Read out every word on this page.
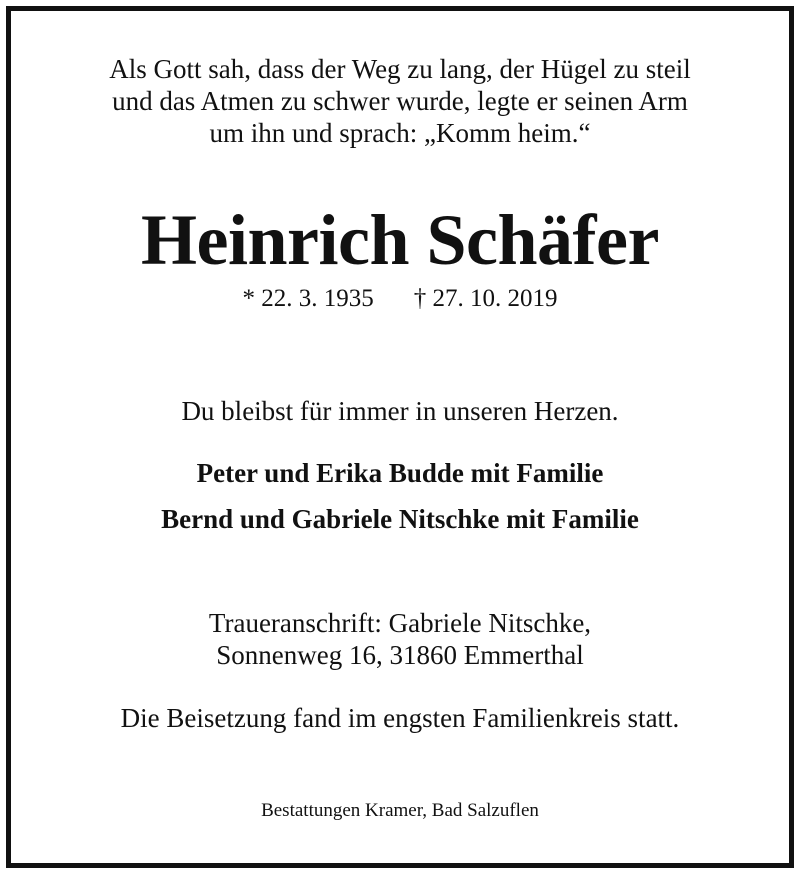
Als Gott sah, dass der Weg zu lang, der Hügel zu steil
und das Atmen zu schwer wurde, legte er seinen Arm
um ihn und sprach: „Komm heim.“
Heinrich Schäfer
* 22. 3. 1935 † 27. 10. 2019
Du bleibst für immer in unseren Herzen.
Peter und Erika Budde mit Familie
Bernd und Gabriele Nitschke mit Familie
Traueranschrift: Gabriele Nitschke,
Sonnenweg 16, 31860 Emmerthal
Die Beisetzung fand im engsten Familienkreis statt.
Bestattungen Kramer, Bad Salzuflen
